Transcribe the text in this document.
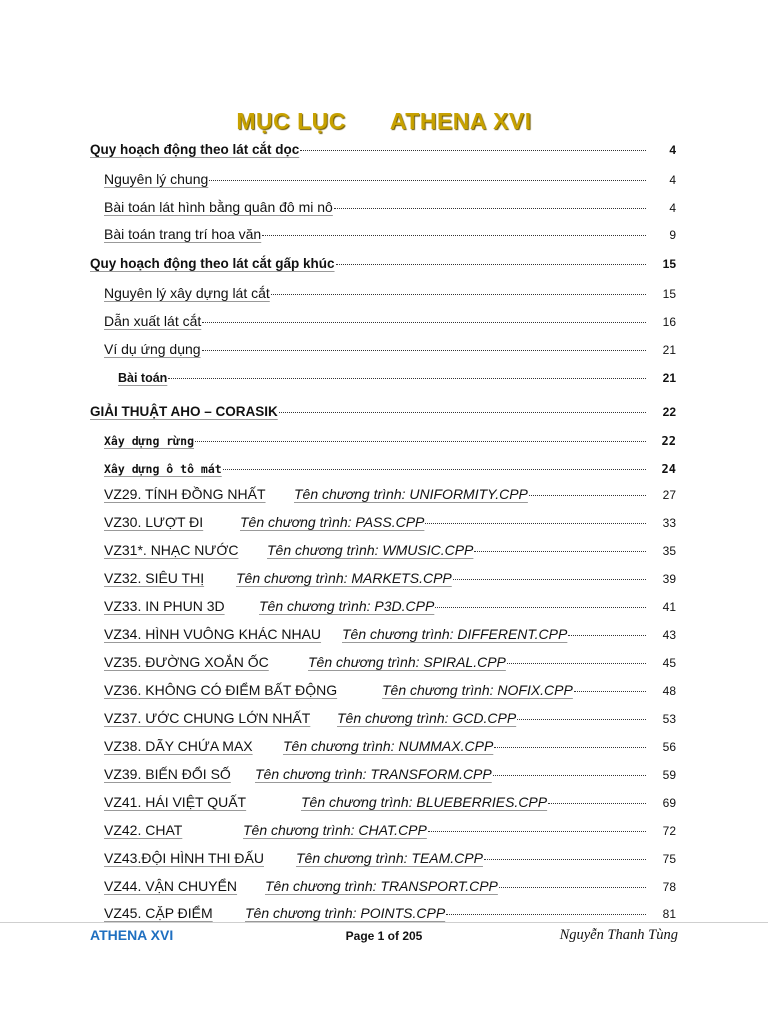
MỤC LỤC ATHENA XVI
Quy hoạch động theo lát cắt dọc	4
Nguyên lý chung	4
Bài toán lát hình bằng quân đô mi nô	4
Bài toán trang trí hoa văn	9
Quy hoạch động theo lát cắt gấp khúc	15
Nguyên lý xây dựng lát cắt	15
Dẫn xuất lát cắt	16
Ví dụ ứng dụng	21
Bài toán	21
GIẢI THUẬT AHO – CORASIK	22
Xây dựng rừng	22
Xây dựng ô tô mát	24
VZ29. TÍNH ĐỒNG NHẤT Tên chương trình: UNIFORMITY.CPP	27
VZ30. LƯỢT ĐI	Tên chương trình: PASS.CPP	33
VZ31*. NHẠC NƯỚC Tên chương trình: WMUSIC.CPP	35
VZ32. SIÊU THỊ Tên chương trình: MARKETS.CPP	39
VZ33. IN PHUN 3D Tên chương trình: P3D.CPP	41
VZ34. HÌNH VUÔNG KHÁC NHAU Tên chương trình: DIFFERENT.CPP	43
VZ35. ĐƯỜNG XOẮN ỐC	Tên chương trình: SPIRAL.CPP	45
VZ36. KHÔNG CÓ ĐIỂM BẤT ĐỘNG	Tên chương trình: NOFIX.CPP	48
VZ37. ƯỚC CHUNG LỚN NHẤT Tên chương trình: GCD.CPP	53
VZ38. DÃY CHỨA MAX Tên chương trình: NUMMAX.CPP	56
VZ39. BIẾN ĐỔI SỐ Tên chương trình: TRANSFORM.CPP	59
VZ41. HÁI VIỆT QUẤT	Tên chương trình: BLUEBERRIES.CPP	69
VZ42. CHAT	Tên chương trình: CHAT.CPP	72
VZ43.ĐỘI HÌNH THI ĐẤU Tên chương trình: TEAM.CPP	75
VZ44. VẬN CHUYỂN Tên chương trình: TRANSPORT.CPP	78
VZ45. CẶP ĐIỂM Tên chương trình: POINTS.CPP	81
ATHENA XVI	Page 1 of 205	Nguyễn Thanh Tùng
